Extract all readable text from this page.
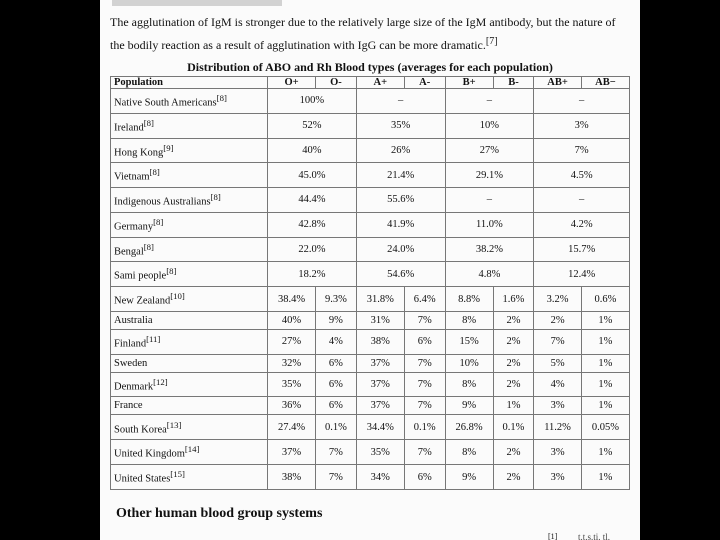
The agglutination of IgM is stronger due to the relatively large size of the IgM antibody, but the nature of the bodily reaction as a result of agglutination with IgG can be more dramatic.[7]
Distribution of ABO and Rh Blood types (averages for each population)
Population	O+	O-	A+	A-	B+	B-	AB+	AB−
Native South Americans[8]	100%		–		–		–	
Ireland[8]	52%		35%		10%		3%	
Hong Kong[9]	40%		26%		27%		7%	
Vietnam[8]	45.0%		21.4%		29.1%		4.5%	
Indigenous Australians[8]	44.4%		55.6%		–		–	
Germany[8]	42.8%		41.9%		11.0%		4.2%	
Bengal[8]	22.0%		24.0%		38.2%		15.7%	
Sami people[8]	18.2%		54.6%		4.8%		12.4%	
New Zealand[10]	38.4%	9.3%	31.8%	6.4%	8.8%	1.6%	3.2%	0.6%
Australia	40%	9%	31%	7%	8%	2%	2%	1%
Finland[11]	27%	4%	38%	6%	15%	2%	7%	1%
Sweden	32%	6%	37%	7%	10%	2%	5%	1%
Denmark[12]	35%	6%	37%	7%	8%	2%	4%	1%
France	36%	6%	37%	7%	9%	1%	3%	1%
South Korea[13]	27.4%	0.1%	34.4%	0.1%	26.8%	0.1%	11.2%	0.05%
United Kingdom[14]	37%	7%	35%	7%	8%	2%	3%	1%
United States[15]	38%	7%	34%	6%	9%	2%	3%	1%
Other human blood group systems
[1] t.t.s.ti. tl.
